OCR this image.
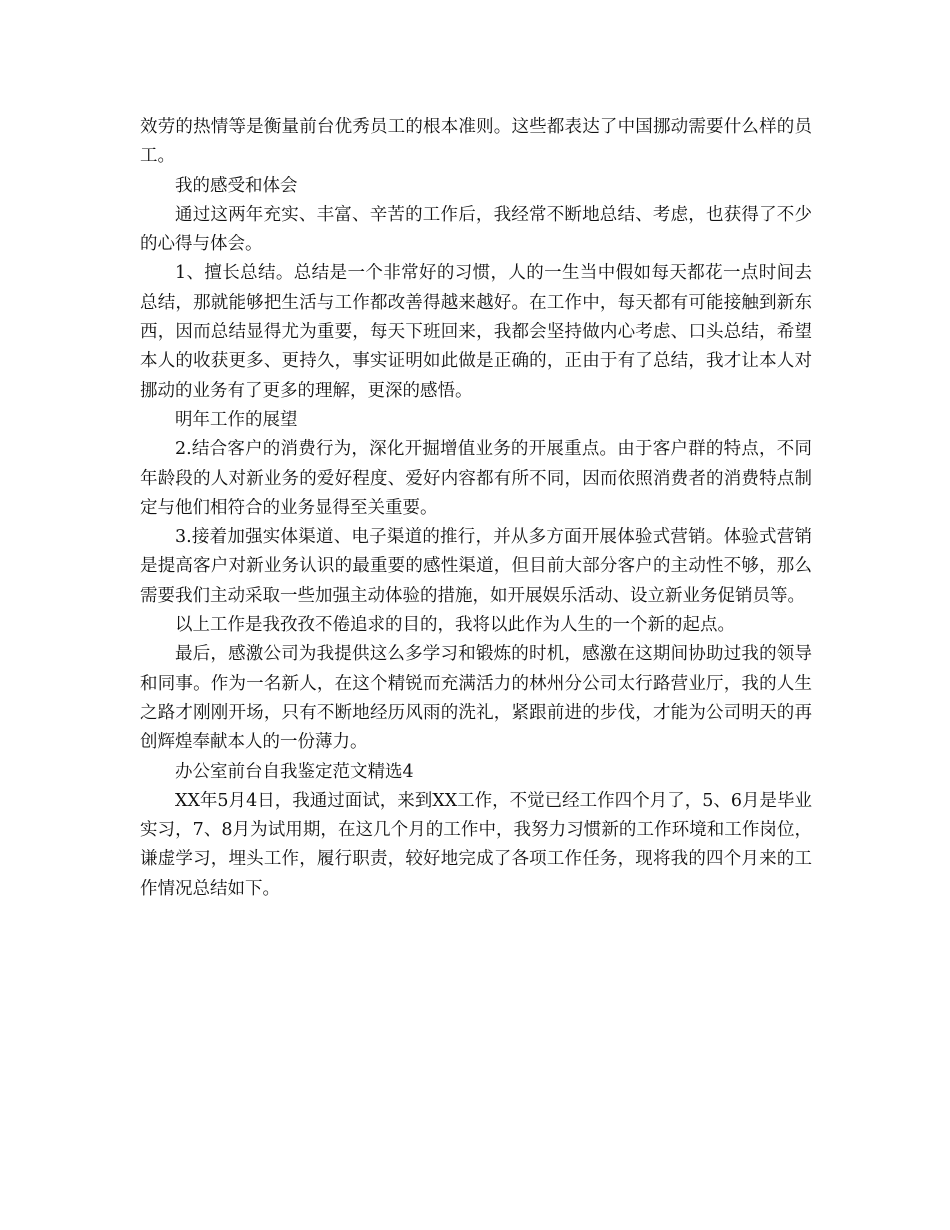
效劳的热情等是衡量前台优秀员工的根本准则。这些都表达了中国挪动需要什么样的员工。

我的感受和体会

通过这两年充实、丰富、辛苦的工作后，我经常不断地总结、考虑，也获得了不少的心得与体会。

1、擅长总结。总结是一个非常好的习惯，人的一生当中假如每天都花一点时间去总结，那就能够把生活与工作都改善得越来越好。在工作中，每天都有可能接触到新东西，因而总结显得尤为重要，每天下班回来，我都会坚持做内心考虑、口头总结，希望本人的收获更多、更持久，事实证明如此做是正确的，正由于有了总结，我才让本人对挪动的业务有了更多的理解，更深的感悟。

明年工作的展望

2.结合客户的消费行为，深化开掘增值业务的开展重点。由于客户群的特点，不同年龄段的人对新业务的爱好程度、爱好内容都有所不同，因而依照消费者的消费特点制定与他们相符合的业务显得至关重要。

3.接着加强实体渠道、电子渠道的推行，并从多方面开展体验式营销。体验式营销是提高客户对新业务认识的最重要的感性渠道，但目前大部分客户的主动性不够，那么需要我们主动采取一些加强主动体验的措施，如开展娱乐活动、设立新业务促销员等。

以上工作是我孜孜不倦追求的目的，我将以此作为人生的一个新的起点。

最后，感激公司为我提供这么多学习和锻炼的时机，感激在这期间协助过我的领导和同事。作为一名新人，在这个精锐而充满活力的林州分公司太行路营业厅，我的人生之路才刚刚开场，只有不断地经历风雨的洗礼，紧跟前进的步伐，才能为公司明天的再创辉煌奉献本人的一份薄力。

办公室前台自我鉴定范文精选4

XX年5月4日，我通过面试，来到XX工作，不觉已经工作四个月了，5、6月是毕业实习，7、8月为试用期，在这几个月的工作中，我努力习惯新的工作环境和工作岗位，谦虚学习，埋头工作，履行职责，较好地完成了各项工作任务，现将我的四个月来的工作情况总结如下。
